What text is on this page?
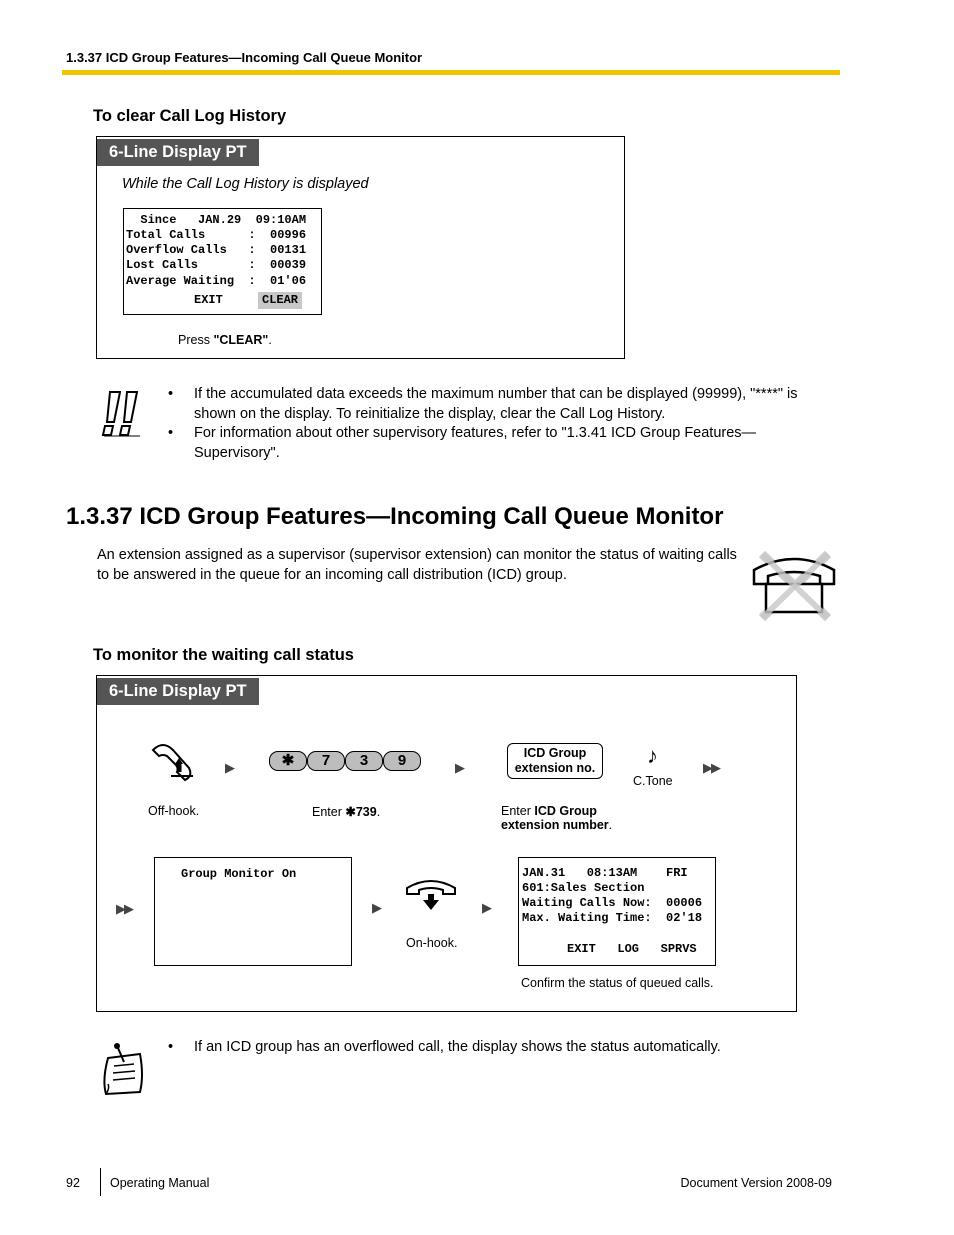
1.3.37 ICD Group Features—Incoming Call Queue Monitor
To clear Call Log History
6-Line Display PT
While the Call Log History is displayed
Since   JAN.29  09:10AM
Total Calls      :  00996
Overflow Calls   :  00131
Lost Calls       :  00039
Average Waiting  :  01'06
EXIT	CLEAR
Press "CLEAR".
• If the accumulated data exceeds the maximum number that can be displayed (99999), "****" is shown on the display. To reinitialize the display, clear the Call Log History.
• For information about other supervisory features, refer to "1.3.41 ICD Group Features—Supervisory".
1.3.37 ICD Group Features—Incoming Call Queue Monitor
An extension assigned as a supervisor (supervisor extension) can monitor the status of waiting calls to be answered in the queue for an incoming call distribution (ICD) group.
To monitor the waiting call status
6-Line Display PT
▶	✱ 7 3 9	▶
ICD Group
extension no.	♪
C.Tone
▶▶
Off-hook.	Enter ✱739.	Enter ICD Group extension number.
▶▶
Group Monitor On
▶
On-hook.
▶
JAN.31   08:13AM    FRI
601:Sales Section
Waiting Calls Now:  00006
Max. Waiting Time:  02'18
EXIT   LOG   SPRVS
Confirm the status of queued calls.
• If an ICD group has an overflowed call, the display shows the status automatically.
92 Operating Manual	Document Version 2008-09
